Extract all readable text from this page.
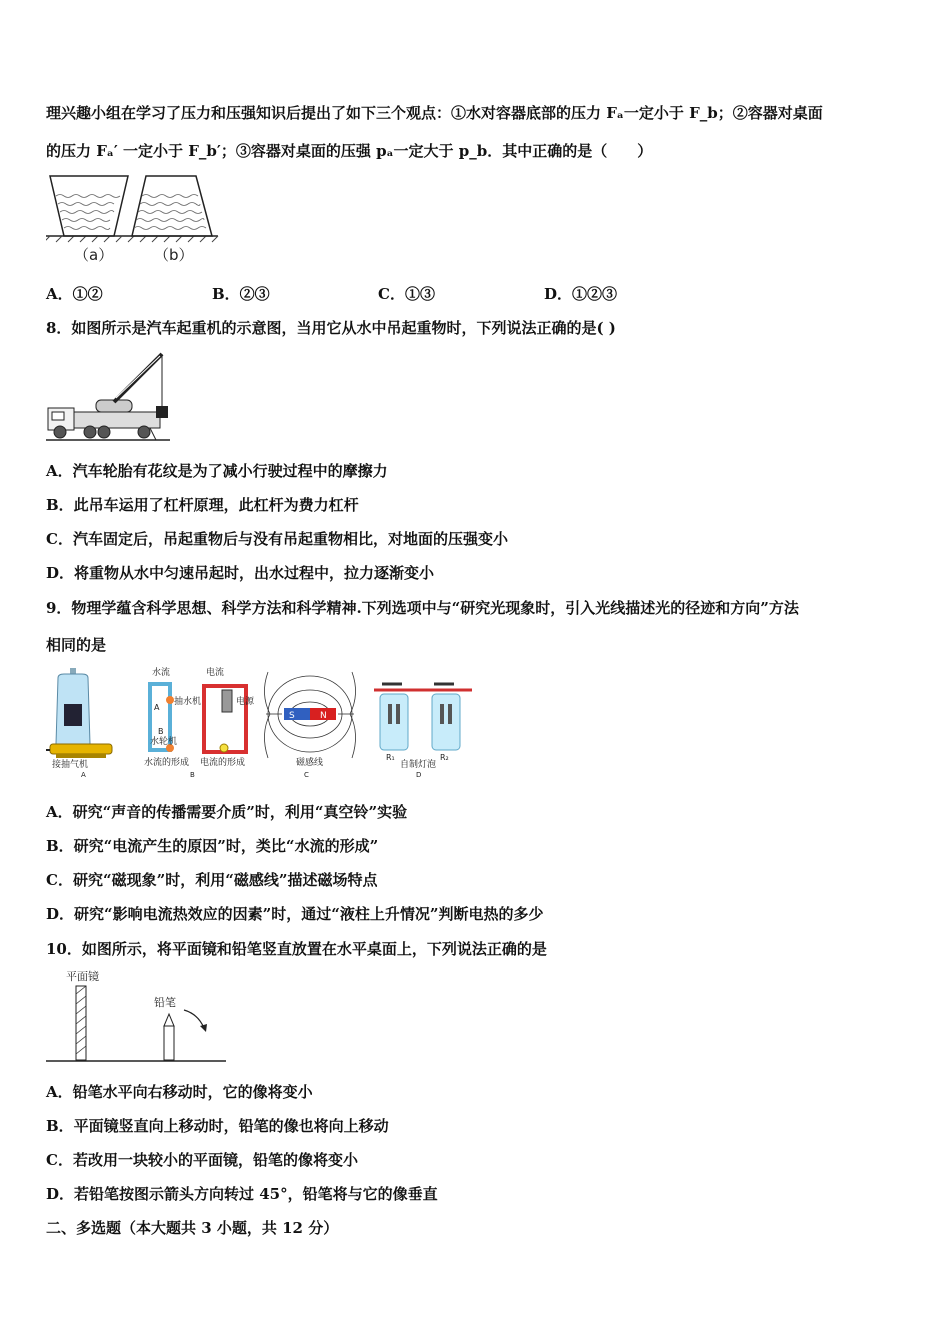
理兴趣小组在学习了压力和压强知识后提出了如下三个观点：①水对容器底部的压力 Fₐ一定小于 F_b；②容器对桌面
的压力 Fₐ′ 一定小于 F_b′；③容器对桌面的压强 pₐ一定大于 p_b．其中正确的是（　　）
（a）	（b）
A．①②	B．②③	C．①③	D．①②③
8．如图所示是汽车起重机的示意图，当用它从水中吊起重物时，下列说法正确的是( )
A．汽车轮胎有花纹是为了减小行驶过程中的摩擦力
B．此吊车运用了杠杆原理，此杠杆为费力杠杆
C．汽车固定后，吊起重物后与没有吊起重物相比，对地面的压强变小
D．将重物从水中匀速吊起时，出水过程中，拉力逐渐变小
9．物理学蕴含科学思想、科学方法和科学精神.下列选项中与“研究光现象时，引入光线描述光的径迹和方向”方法
相同的是
接抽气机
A
水流	电流
抽水机
A
B
水轮机
电源
水流的形成 电流的形成
B
S	N
磁感线
C
R₁	R₂
自制灯泡
D
A．研究“声音的传播需要介质”时，利用“真空铃”实验
B．研究“电流产生的原因”时，类比“水流的形成”
C．研究“磁现象”时，利用“磁感线”描述磁场特点
D．研究“影响电流热效应的因素”时，通过“液柱上升情况”判断电热的多少
10．如图所示，将平面镜和铅笔竖直放置在水平桌面上，下列说法正确的是
平面镜
铅笔
A．铅笔水平向右移动时，它的像将变小
B．平面镜竖直向上移动时，铅笔的像也将向上移动
C．若改用一块较小的平面镜，铅笔的像将变小
D．若铅笔按图示箭头方向转过 45°，铅笔将与它的像垂直
二、多选题（本大题共 3 小题，共 12 分）
